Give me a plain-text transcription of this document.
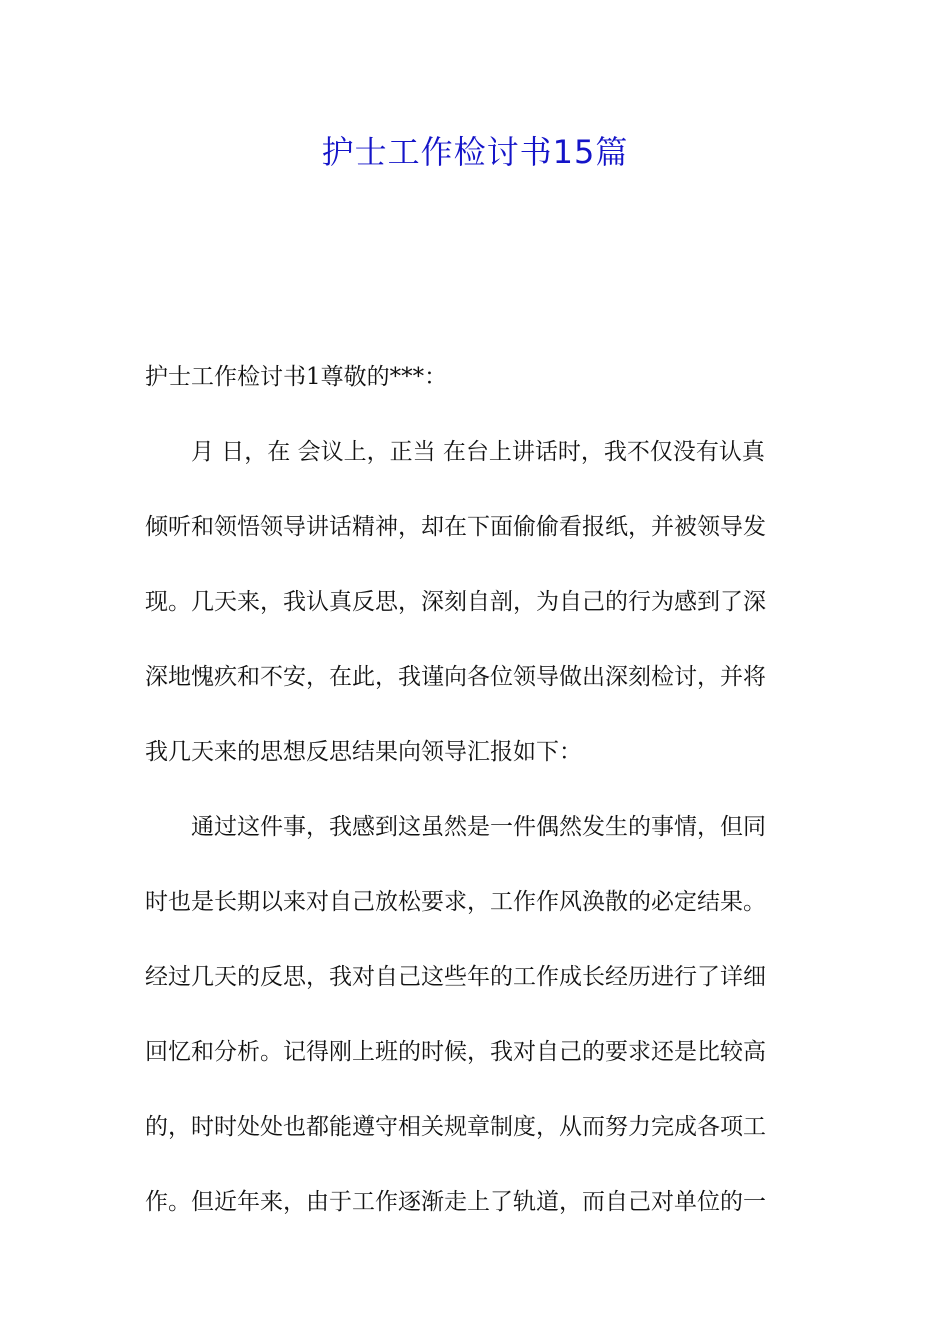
护士工作检讨书15篇

护士工作检讨书1尊敬的***：

月 日，在 会议上，正当 在台上讲话时，我不仅没有认真
倾听和领悟领导讲话精神，却在下面偷偷看报纸，并被领导发
现。几天来，我认真反思，深刻自剖，为自己的行为感到了深
深地愧疚和不安，在此，我谨向各位领导做出深刻检讨，并将
我几天来的思想反思结果向领导汇报如下：

通过这件事，我感到这虽然是一件偶然发生的事情，但同
时也是长期以来对自己放松要求，工作作风涣散的必定结果。
经过几天的反思，我对自己这些年的工作成长经历进行了详细
回忆和分析。记得刚上班的时候，我对自己的要求还是比较高
的，时时处处也都能遵守相关规章制度，从而努力完成各项工
作。但近年来，由于工作逐渐走上了轨道，而自己对单位的一
